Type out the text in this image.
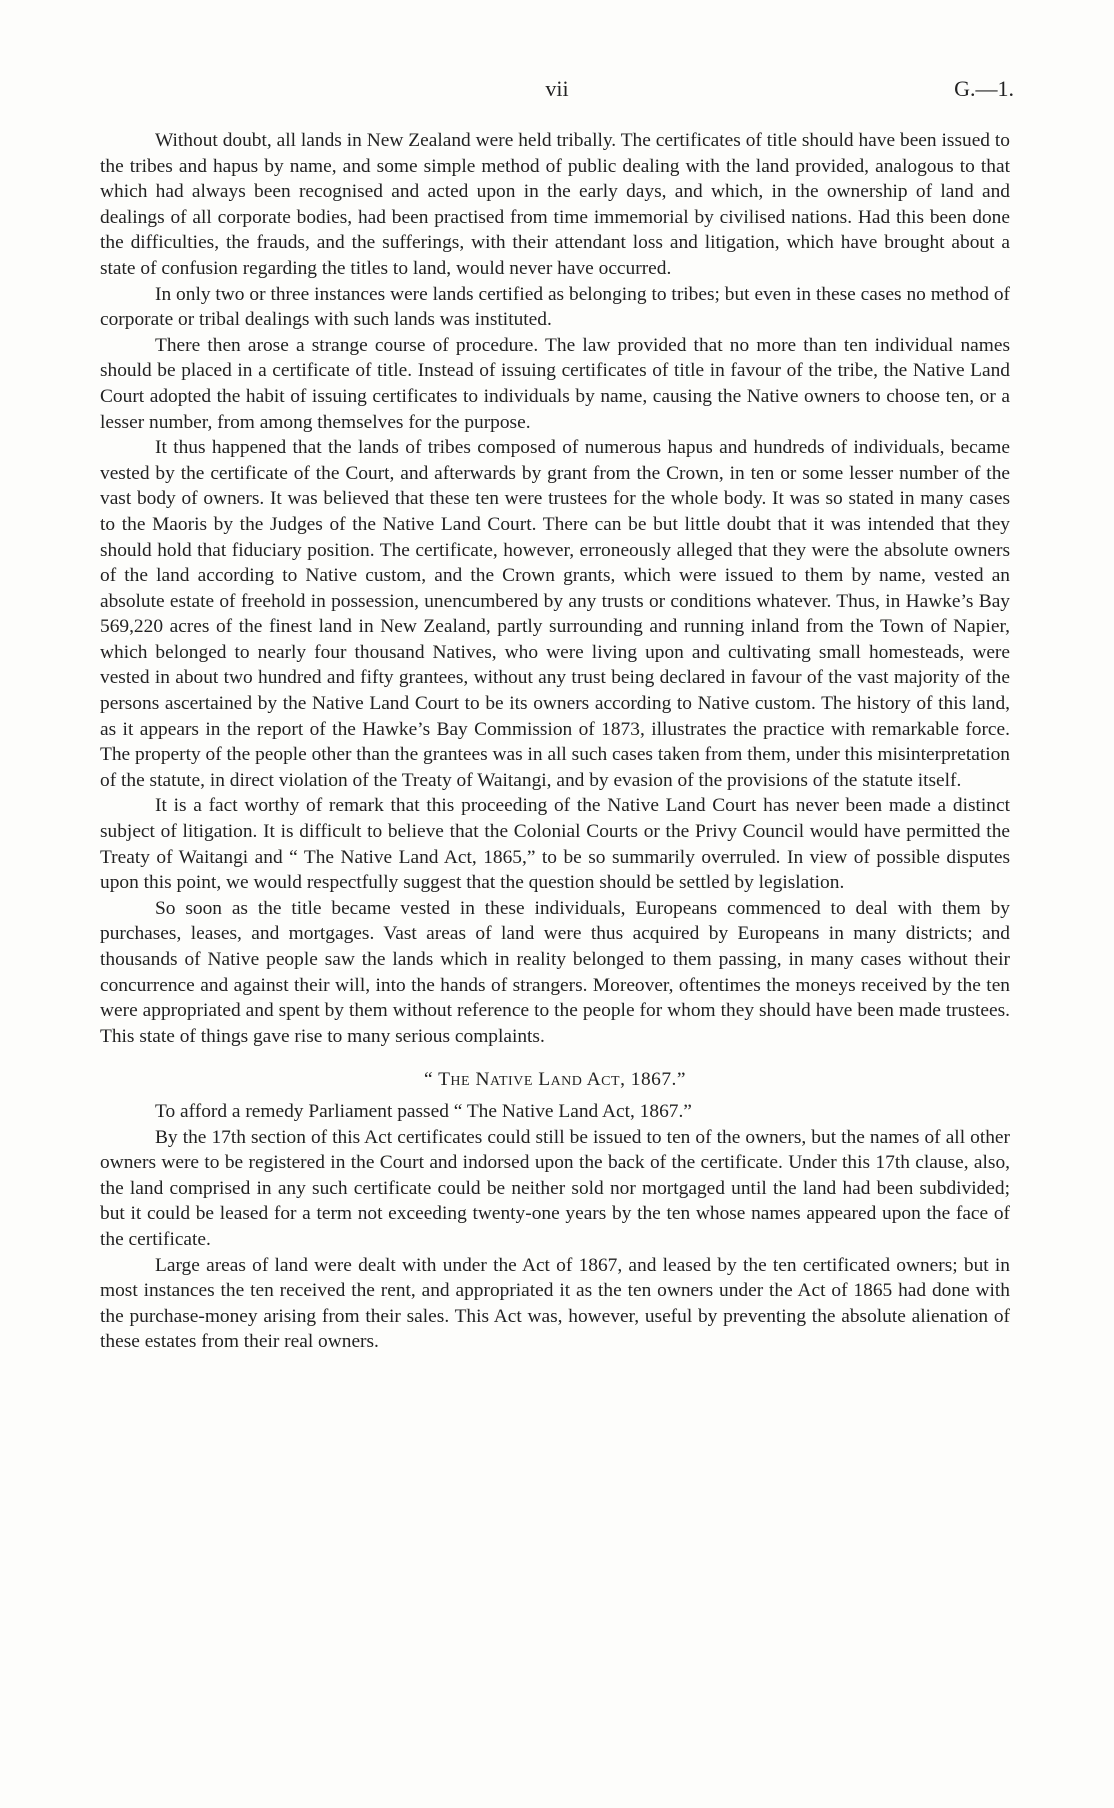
vii	G.—1.

Without doubt, all lands in New Zealand were held tribally. The certificates of title should have been issued to the tribes and hapus by name, and some simple method of public dealing with the land provided, analogous to that which had always been recognised and acted upon in the early days, and which, in the ownership of land and dealings of all corporate bodies, had been practised from time immemorial by civilised nations. Had this been done the difficulties, the frauds, and the sufferings, with their attendant loss and litigation, which have brought about a state of confusion regarding the titles to land, would never have occurred.

In only two or three instances were lands certified as belonging to tribes; but even in these cases no method of corporate or tribal dealings with such lands was instituted.

There then arose a strange course of procedure. The law provided that no more than ten individual names should be placed in a certificate of title. Instead of issuing certificates of title in favour of the tribe, the Native Land Court adopted the habit of issuing certificates to individuals by name, causing the Native owners to choose ten, or a lesser number, from among themselves for the purpose.

It thus happened that the lands of tribes composed of numerous hapus and hundreds of individuals, became vested by the certificate of the Court, and afterwards by grant from the Crown, in ten or some lesser number of the vast body of owners. It was believed that these ten were trustees for the whole body. It was so stated in many cases to the Maoris by the Judges of the Native Land Court. There can be but little doubt that it was intended that they should hold that fiduciary position. The certificate, however, erroneously alleged that they were the absolute owners of the land according to Native custom, and the Crown grants, which were issued to them by name, vested an absolute estate of freehold in possession, unencumbered by any trusts or conditions whatever. Thus, in Hawke’s Bay 569,220 acres of the finest land in New Zealand, partly surrounding and running inland from the Town of Napier, which belonged to nearly four thousand Natives, who were living upon and cultivating small homesteads, were vested in about two hundred and fifty grantees, without any trust being declared in favour of the vast majority of the persons ascertained by the Native Land Court to be its owners according to Native custom. The history of this land, as it appears in the report of the Hawke’s Bay Commission of 1873, illustrates the practice with remarkable force. The property of the people other than the grantees was in all such cases taken from them, under this misinterpretation of the statute, in direct violation of the Treaty of Waitangi, and by evasion of the provisions of the statute itself.

It is a fact worthy of remark that this proceeding of the Native Land Court has never been made a distinct subject of litigation. It is difficult to believe that the Colonial Courts or the Privy Council would have permitted the Treaty of Waitangi and “ The Native Land Act, 1865,” to be so summarily overruled. In view of possible disputes upon this point, we would respectfully suggest that the question should be settled by legislation.

So soon as the title became vested in these individuals, Europeans commenced to deal with them by purchases, leases, and mortgages. Vast areas of land were thus acquired by Europeans in many districts; and thousands of Native people saw the lands which in reality belonged to them passing, in many cases without their concurrence and against their will, into the hands of strangers. Moreover, oftentimes the moneys received by the ten were appropriated and spent by them without reference to the people for whom they should have been made trustees. This state of things gave rise to many serious complaints.

“ The Native Land Act, 1867.”

To afford a remedy Parliament passed “ The Native Land Act, 1867.”

By the 17th section of this Act certificates could still be issued to ten of the owners, but the names of all other owners were to be registered in the Court and indorsed upon the back of the certificate. Under this 17th clause, also, the land comprised in any such certificate could be neither sold nor mortgaged until the land had been subdivided; but it could be leased for a term not exceeding twenty-one years by the ten whose names appeared upon the face of the certificate.

Large areas of land were dealt with under the Act of 1867, and leased by the ten certificated owners; but in most instances the ten received the rent, and appropriated it as the ten owners under the Act of 1865 had done with the purchase-money arising from their sales. This Act was, however, useful by preventing the absolute alienation of these estates from their real owners.
